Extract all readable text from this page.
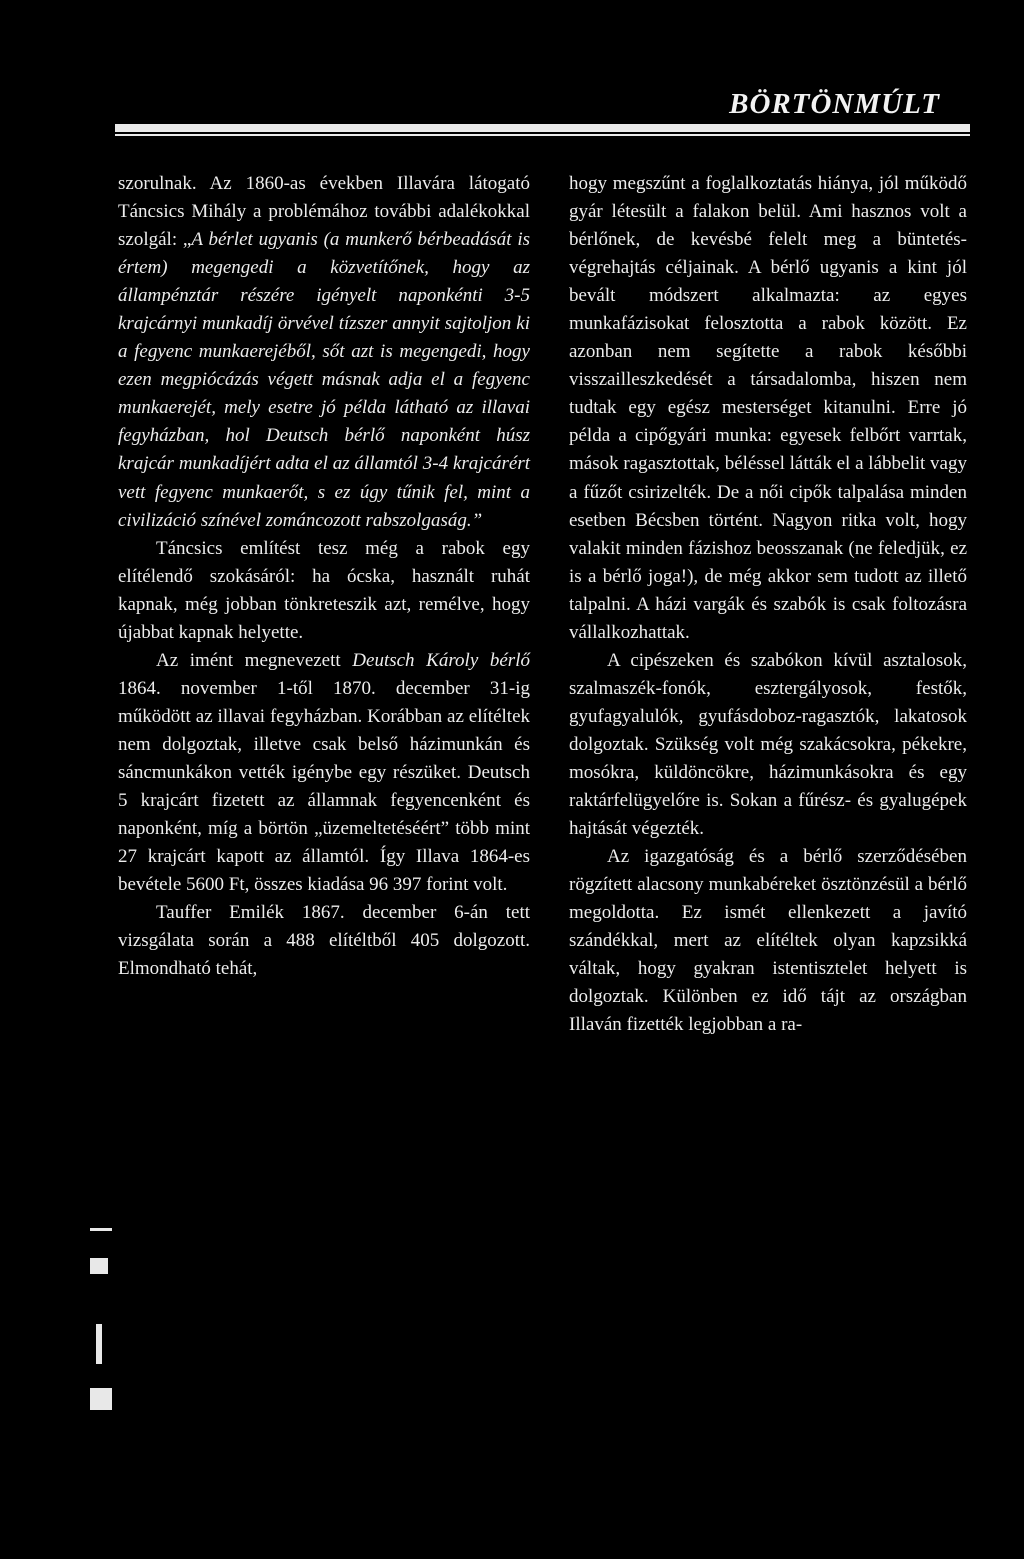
BÖRTÖNMÚLT

szorulnak. Az 1860-as években Illavára látogató Táncsics Mihály a problémához további adalékokkal szolgál: „A bérlet ugyanis (a munkerő bérbeadását is értem) megengedi a közvetítőnek, hogy az állampénztár részére igényelt naponkénti 3-5 krajcárnyi munkadíj örvével tízszer annyit sajtoljon ki a fegyenc munkaerejéből, sőt azt is megengedi, hogy ezen megpiócázás végett másnak adja el a fegyenc munkaerejét, mely esetre jó példa látható az illavai fegyházban, hol Deutsch bérlő naponként húsz krajcár munkadíjért adta el az államtól 3-4 krajcárért vett fegyenc munkaerőt, s ez úgy tűnik fel, mint a civilizáció színével zománcozott rabszolgaság.”

Táncsics említést tesz még a rabok egy elítélendő szokásáról: ha ócska, használt ruhát kapnak, még jobban tönkreteszik azt, remélve, hogy újabbat kapnak helyette.

Az imént megnevezett Deutsch Károly bérlő 1864. november 1-től 1870. december 31-ig működött az illavai fegyházban. Korábban az elítéltek nem dolgoztak, illetve csak belső házimunkán és sáncmunkákon vették igénybe egy részüket. Deutsch 5 krajcárt fizetett az államnak fegyencenként és naponként, míg a börtön „üzemeltetéséért” több mint 27 krajcárt kapott az államtól. Így Illava 1864-es bevétele 5600 Ft, összes kiadása 96 397 forint volt.

Tauffer Emilék 1867. december 6-án tett vizsgálata során a 488 elítéltből 405 dolgozott. Elmondható tehát,

hogy megszűnt a foglalkoztatás hiánya, jól működő gyár létesült a falakon belül. Ami hasznos volt a bérlőnek, de kevésbé felelt meg a büntetés-végrehajtás céljainak. A bérlő ugyanis a kint jól bevált módszert alkalmazta: az egyes munkafázisokat felosztotta a rabok között. Ez azonban nem segítette a rabok későbbi visszailleszkedését a társadalomba, hiszen nem tudtak egy egész mesterséget kitanulni. Erre jó példa a cipőgyári munka: egyesek felbőrt varrtak, mások ragasztottak, béléssel látták el a lábbelit vagy a fűzőt csirizelték. De a női cipők talpalása minden esetben Bécsben történt. Nagyon ritka volt, hogy valakit minden fázishoz beosszanak (ne feledjük, ez is a bérlő joga!), de még akkor sem tudott az illető talpalni. A házi vargák és szabók is csak foltozásra vállalkozhattak.

A cipészeken és szabókon kívül asztalosok, szalmaszék-fonók, esztergályosok, festők, gyufagyalulók, gyufásdoboz-ragasztók, lakatosok dolgoztak. Szükség volt még szakácsokra, pékekre, mosókra, küldöncökre, házimunkásokra és egy raktárfelügyelőre is. Sokan a fűrész- és gyalugépek hajtását végezték.

Az igazgatóság és a bérlő szerződésében rögzített alacsony munkabéreket ösztönzésül a bérlő megoldotta. Ez ismét ellenkezett a javító szándékkal, mert az elítéltek olyan kapzsikká váltak, hogy gyakran istentisztelet helyett is dolgoztak. Különben ez idő tájt az országban Illaván fizették legjobban a ra-
